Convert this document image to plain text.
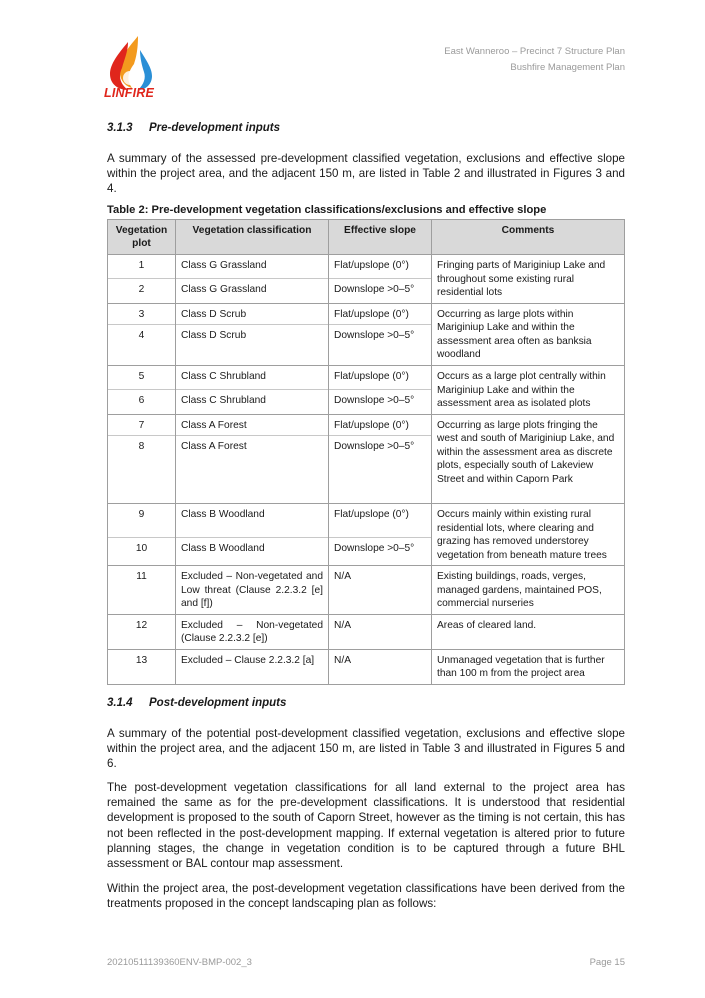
LINFIRE
East Wanneroo – Precinct 7 Structure Plan
Bushfire Management Plan
3.1.3 Pre-development inputs
A summary of the assessed pre-development classified vegetation, exclusions and effective slope within the project area, and the adjacent 150 m, are listed in Table 2 and illustrated in Figures 3 and 4.
Table 2: Pre-development vegetation classifications/exclusions and effective slope
Vegetation plot	Vegetation classification	Effective slope	Comments
1	Class G Grassland	Flat/upslope (0°)	Fringing parts of Mariginiup Lake and throughout some existing rural residential lots
2	Class G Grassland	Downslope >0–5°	
3	Class D Scrub	Flat/upslope (0°)	Occurring as large plots within Mariginiup Lake and within the assessment area often as banksia woodland
4	Class D Scrub	Downslope >0–5°	
5	Class C Shrubland	Flat/upslope (0°)	Occurs as a large plot centrally within Mariginiup Lake and within the assessment area as isolated plots
6	Class C Shrubland	Downslope >0–5°	
7	Class A Forest	Flat/upslope (0°)	Occurring as large plots fringing the west and south of Mariginiup Lake, and within the assessment area as discrete plots, especially south of Lakeview Street and within Caporn Park
8	Class A Forest	Downslope >0–5°	
9	Class B Woodland	Flat/upslope (0°)	Occurs mainly within existing rural residential lots, where clearing and grazing has removed understorey vegetation from beneath mature trees
10	Class B Woodland	Downslope >0–5°	
11	Excluded – Non-vegetated and Low threat (Clause 2.2.3.2 [e] and [f])	N/A	Existing buildings, roads, verges, managed gardens, maintained POS, commercial nurseries
12	Excluded – Non-vegetated (Clause 2.2.3.2 [e])	N/A	Areas of cleared land.
13	Excluded – Clause 2.2.3.2 [a]	N/A	Unmanaged vegetation that is further than 100 m from the project area
3.1.4 Post-development inputs
A summary of the potential post-development classified vegetation, exclusions and effective slope within the project area, and the adjacent 150 m, are listed in Table 3 and illustrated in Figures 5 and 6.
The post-development vegetation classifications for all land external to the project area has remained the same as for the pre-development classifications. It is understood that residential development is proposed to the south of Caporn Street, however as the timing is not certain, this has not been reflected in the post-development mapping. If external vegetation is altered prior to future planning stages, the change in vegetation condition is to be captured through a future BHL assessment or BAL contour map assessment.
Within the project area, the post-development vegetation classifications have been derived from the treatments proposed in the concept landscaping plan as follows:
20210511139360ENV-BMP-002_3	Page 15
